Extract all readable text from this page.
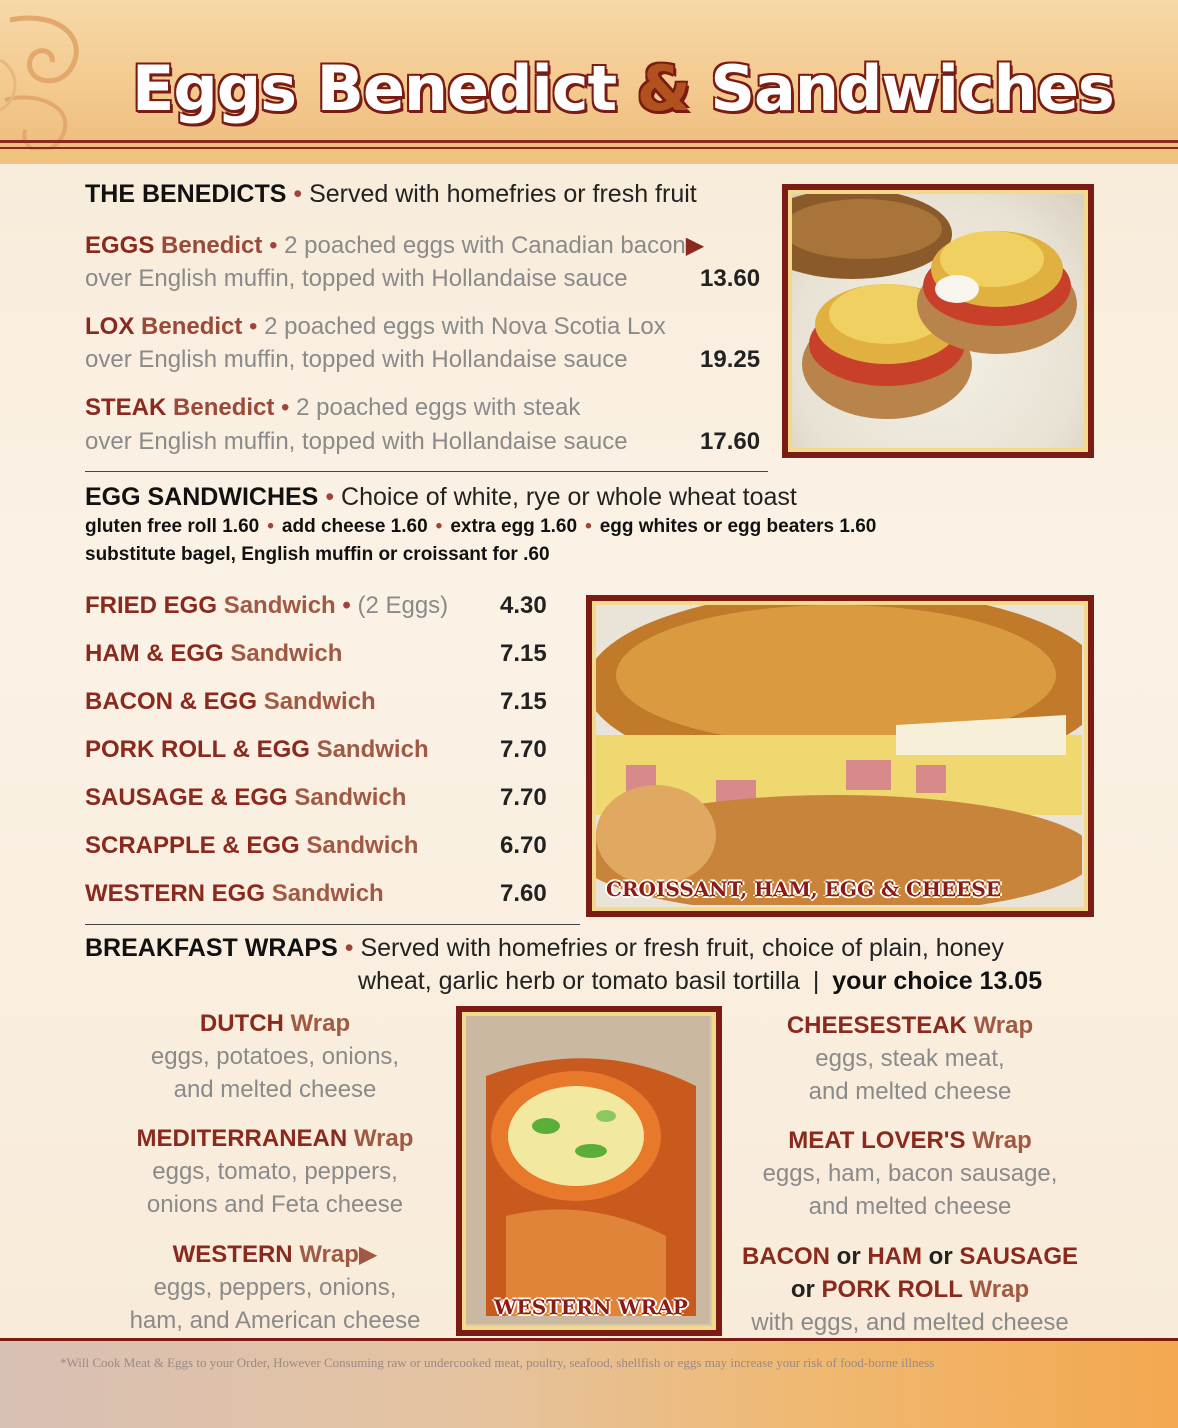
Eggs Benedict & Sandwiches
THE BENEDICTS • Served with homefries or fresh fruit
EGGS Benedict • 2 poached eggs with Canadian bacon▶
over English muffin, topped with Hollandaise sauce	13.60
LOX Benedict • 2 poached eggs with Nova Scotia Lox
over English muffin, topped with Hollandaise sauce	19.25
STEAK Benedict • 2 poached eggs with steak
over English muffin, topped with Hollandaise sauce	17.60
EGG SANDWICHES • Choice of white, rye or whole wheat toast
gluten free roll 1.60 • add cheese 1.60 • extra egg 1.60 • egg whites or egg beaters 1.60
substitute bagel, English muffin or croissant for .60
FRIED EGG Sandwich • (2 Eggs) 4.30
HAM & EGG Sandwich	7.15
BACON & EGG Sandwich	7.15
PORK ROLL & EGG Sandwich	7.70
SAUSAGE & EGG Sandwich	7.70
SCRAPPLE & EGG Sandwich	6.70
WESTERN EGG Sandwich	7.60	CROISSANT, HAM, EGG & CHEESE
BREAKFAST WRAPS • Served with homefries or fresh fruit, choice of plain, honey
wheat, garlic herb or tomato basil tortilla | your choice 13.05
DUTCH Wrap
eggs, potatoes, onions,
and melted cheese
MEDITERRANEAN Wrap
eggs, tomato, peppers,
onions and Feta cheese
WESTERN Wrap▶
eggs, peppers, onions,
ham, and American cheese	WESTERN WRAP
CHEESESTEAK Wrap
eggs, steak meat,
and melted cheese
MEAT LOVER'S Wrap
eggs, ham, bacon sausage,
and melted cheese
BACON or HAM or SAUSAGE
or PORK ROLL Wrap
with eggs, and melted cheese
*Will Cook Meat & Eggs to your Order, However Consuming raw or undercooked meat, poultry, seafood, shellfish or eggs may increase your risk of food-borne illness
